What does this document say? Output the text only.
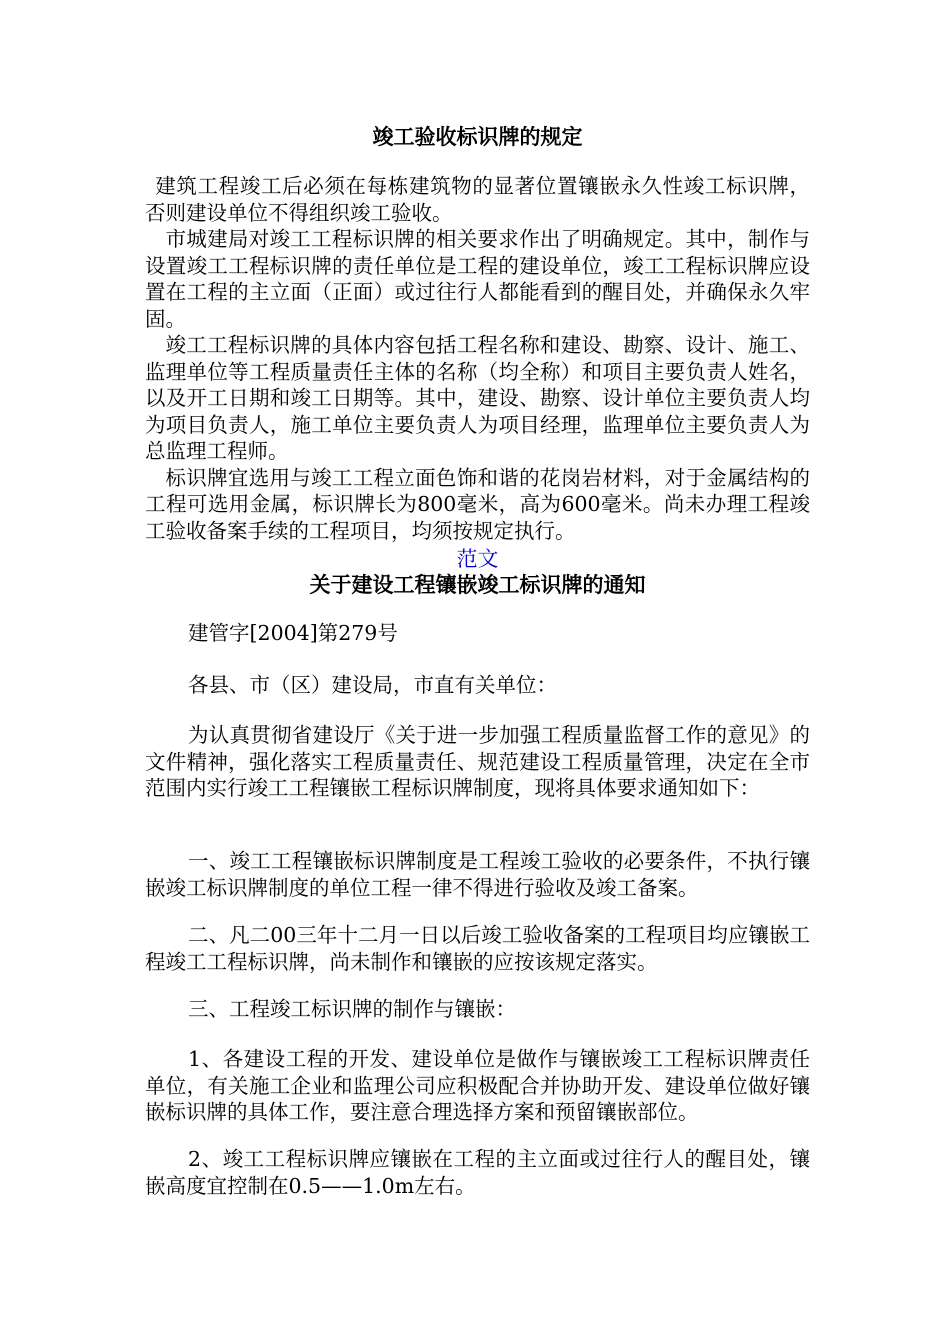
竣工验收标识牌的规定

建筑工程竣工后必须在每栋建筑物的显著位置镶嵌永久性竣工标识牌，否则建设单位不得组织竣工验收。

市城建局对竣工工程标识牌的相关要求作出了明确规定。其中，制作与设置竣工工程标识牌的责任单位是工程的建设单位，竣工工程标识牌应设置在工程的主立面（正面）或过往行人都能看到的醒目处，并确保永久牢固。

竣工工程标识牌的具体内容包括工程名称和建设、勘察、设计、施工、监理单位等工程质量责任主体的名称（均全称）和项目主要负责人姓名，以及开工日期和竣工日期等。其中，建设、勘察、设计单位主要负责人均为项目负责人，施工单位主要负责人为项目经理，监理单位主要负责人为总监理工程师。

标识牌宜选用与竣工工程立面色饰和谐的花岗岩材料，对于金属结构的工程可选用金属，标识牌长为800毫米，高为600毫米。尚未办理工程竣工验收备案手续的工程项目，均须按规定执行。

范文

关于建设工程镶嵌竣工标识牌的通知

建管字[2004]第279号

各县、市（区）建设局，市直有关单位：

为认真贯彻省建设厅《关于进一步加强工程质量监督工作的意见》的文件精神，强化落实工程质量责任、规范建设工程质量管理，决定在全市范围内实行竣工工程镶嵌工程标识牌制度，现将具体要求通知如下：

一、竣工工程镶嵌标识牌制度是工程竣工验收的必要条件，不执行镶嵌竣工标识牌制度的单位工程一律不得进行验收及竣工备案。

二、凡二00三年十二月一日以后竣工验收备案的工程项目均应镶嵌工程竣工工程标识牌，尚未制作和镶嵌的应按该规定落实。

三、工程竣工标识牌的制作与镶嵌：

1、各建设工程的开发、建设单位是做作与镶嵌竣工工程标识牌责任单位，有关施工企业和监理公司应积极配合并协助开发、建设单位做好镶嵌标识牌的具体工作，要注意合理选择方案和预留镶嵌部位。

2、竣工工程标识牌应镶嵌在工程的主立面或过往行人的醒目处，镶嵌高度宜控制在0.5——1.0m左右。
